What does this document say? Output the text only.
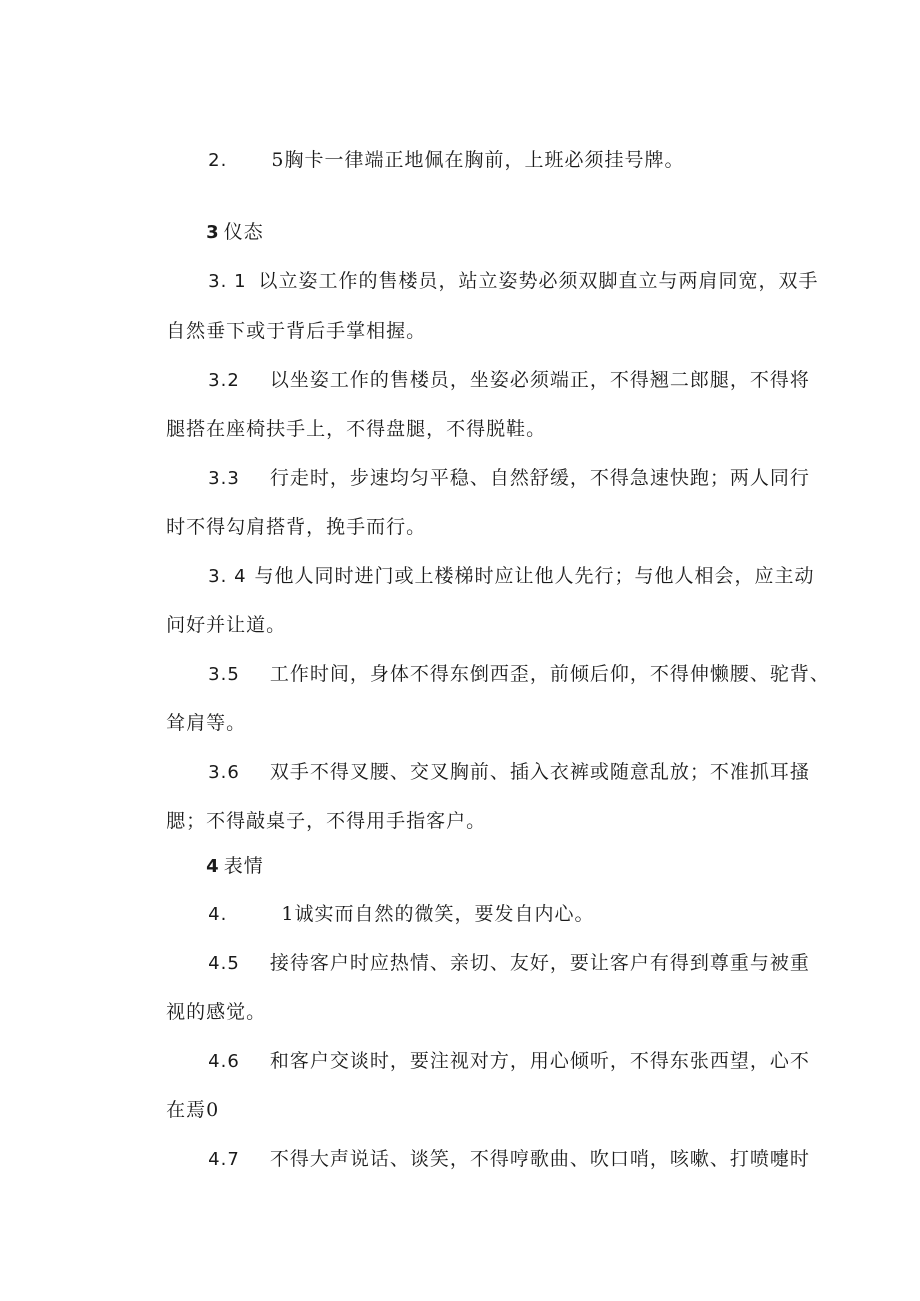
2. 5胸卡一律端正地佩在胸前，上班必须挂号牌。

3 仪态

3. 1 以立姿工作的售楼员，站立姿势必须双脚直立与两肩同宽，双手

自然垂下或于背后手掌相握。

3.2 以坐姿工作的售楼员，坐姿必须端正，不得翘二郎腿，不得将

腿搭在座椅扶手上，不得盘腿，不得脱鞋。

3.3 行走时，步速均匀平稳、自然舒缓，不得急速快跑；两人同行

时不得勾肩搭背，挽手而行。

3. 4 与他人同时进门或上楼梯时应让他人先行；与他人相会，应主动

问好并让道。

3.5 工作时间，身体不得东倒西歪，前倾后仰，不得伸懒腰、驼背、

耸肩等。

3.6 双手不得叉腰、交叉胸前、插入衣裤或随意乱放；不准抓耳搔

腮；不得敲桌子，不得用手指客户。

4 表情

4.	1诚实而自然的微笑，要发自内心。

4.5 接待客户时应热情、亲切、友好，要让客户有得到尊重与被重

视的感觉。

4.6 和客户交谈时，要注视对方，用心倾听，不得东张西望，心不

在焉0

4.7 不得大声说话、谈笑，不得哼歌曲、吹口哨，咳嗽、打喷嚏时
